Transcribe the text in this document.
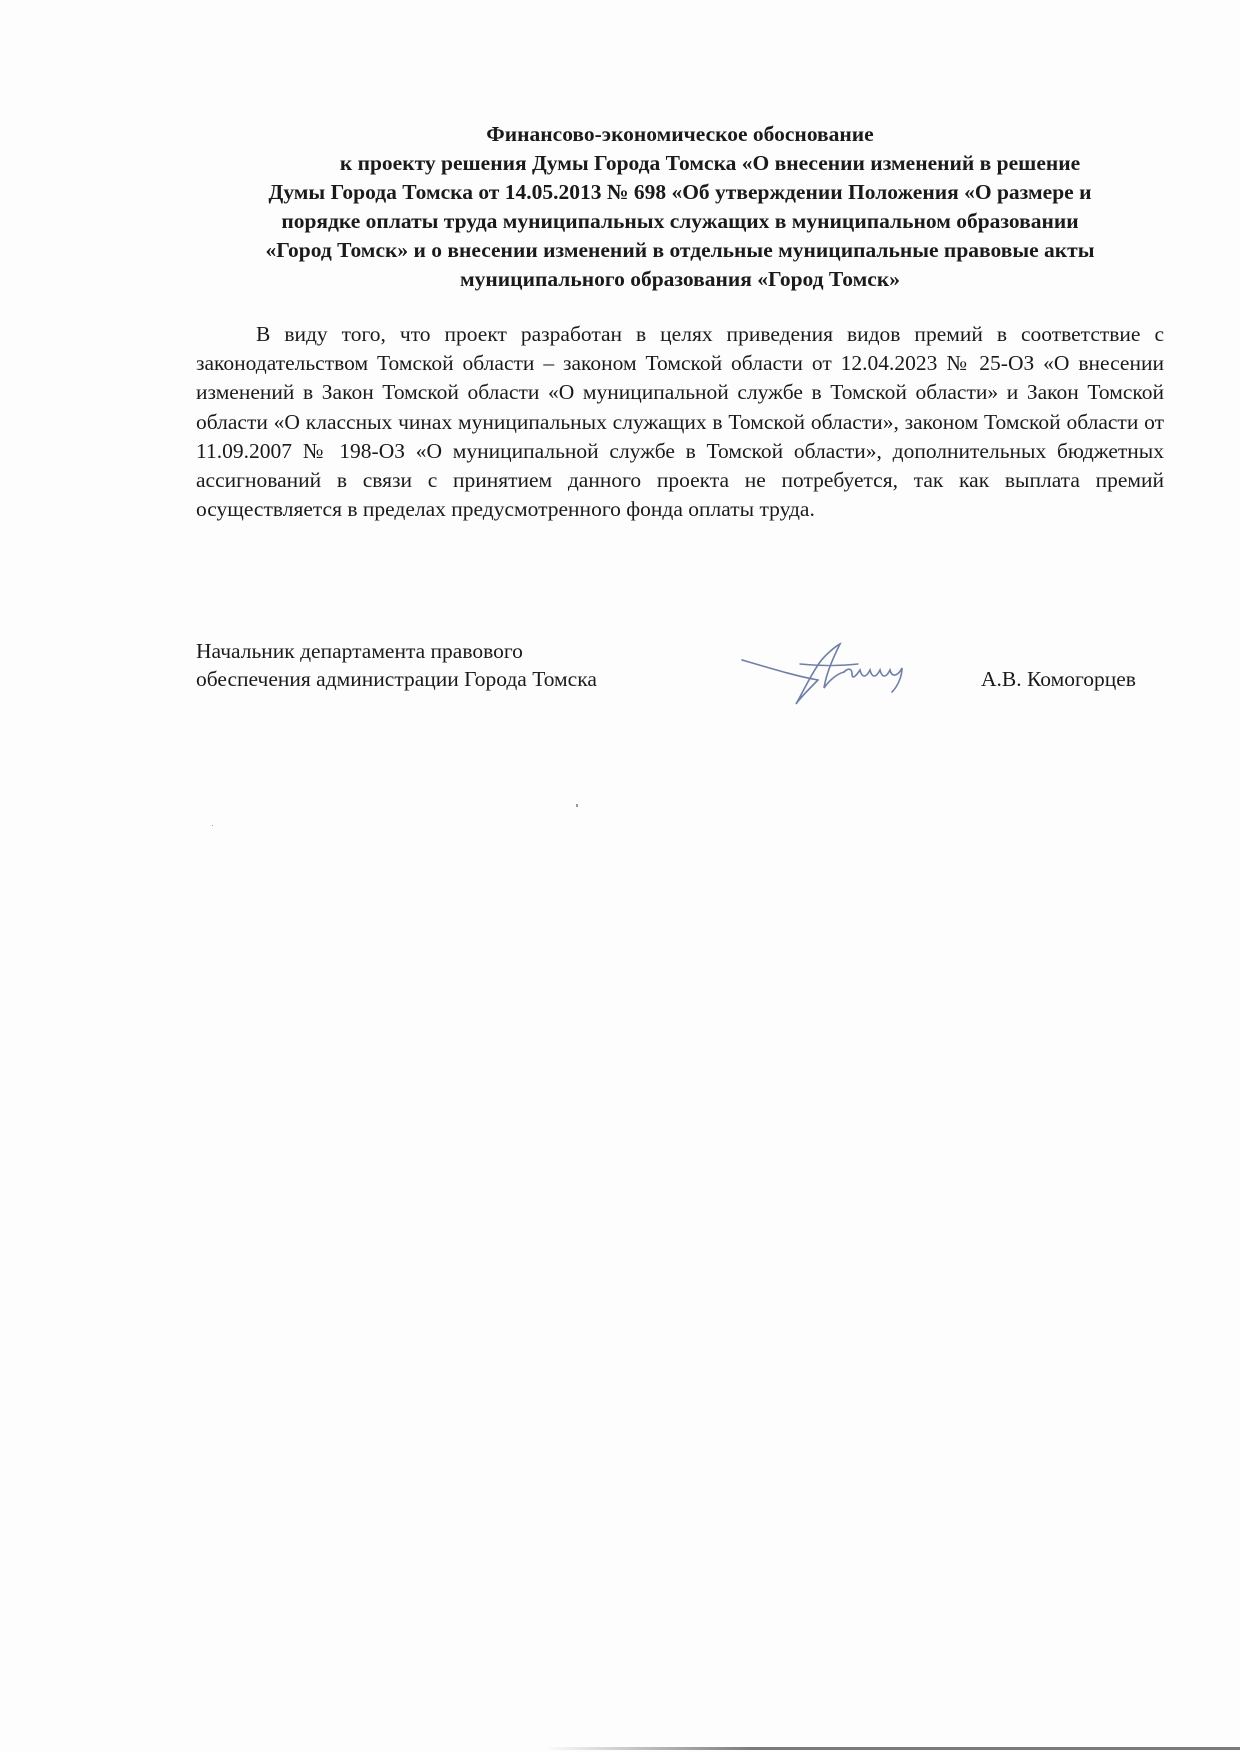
Финансово-экономическое обоснование
к проекту решения Думы Города Томска «О внесении изменений в решение
Думы Города Томска от 14.05.2013 № 698 «Об утверждении Положения «О размере и
порядке оплаты труда муниципальных служащих в муниципальном образовании
«Город Томск» и о внесении изменений в отдельные муниципальные правовые акты
муниципального образования «Город Томск»

В виду того, что проект разработан в целях приведения видов премий в соответствие с законодательством Томской области – законом Томской области от 12.04.2023 № 25-ОЗ «О внесении изменений в Закон Томской области «О муниципальной службе в Томской области» и Закон Томской области «О классных чинах муниципальных служащих в Томской области», законом Томской области от 11.09.2007 № 198-ОЗ «О муниципальной службе в Томской области», дополнительных бюджетных ассигнований в связи с принятием данного проекта не потребуется, так как выплата премий осуществляется в пределах предусмотренного фонда оплаты труда.

Начальник департамента правового
обеспечения администрации Города Томска	А.В. Комогорцев
